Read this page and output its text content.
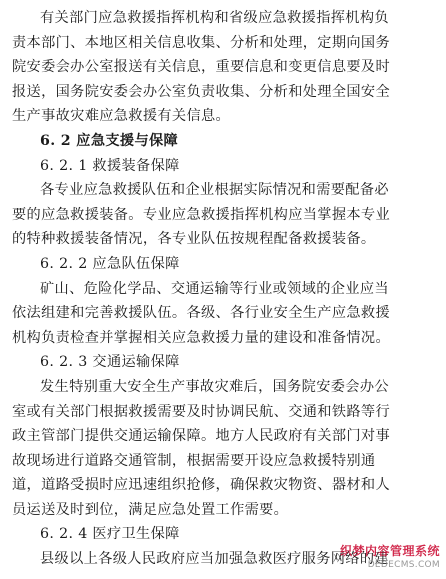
有关部门应急救援指挥机构和省级应急救援指挥机构负
责本部门、本地区相关信息收集、分析和处理，定期向国务
院安委会办公室报送有关信息，重要信息和变更信息要及时
报送，国务院安委会办公室负责收集、分析和处理全国安全
生产事故灾难应急救援有关信息。
6. 2 应急支援与保障
6. 2. 1 救援装备保障
各专业应急救援队伍和企业根据实际情况和需要配备必
要的应急救援装备。专业应急救援指挥机构应当掌握本专业
的特种救援装备情况，各专业队伍按规程配备救援装备。
6. 2. 2 应急队伍保障
矿山、危险化学品、交通运输等行业或领域的企业应当
依法组建和完善救援队伍。各级、各行业安全生产应急救援
机构负责检查并掌握相关应急救援力量的建设和准备情况。
6. 2. 3 交通运输保障
发生特别重大安全生产事故灾难后，国务院安委会办公
室或有关部门根据救援需要及时协调民航、交通和铁路等行
政主管部门提供交通运输保障。地方人民政府有关部门对事
故现场进行道路交通管制，根据需要开设应急救援特别通
道，道路受损时应迅速组织抢修，确保救灾物资、器材和人
员运送及时到位，满足应急处置工作需要。
6. 2. 4 医疗卫生保障
县级以上各级人民政府应当加强急救医疗服务网络的建
织梦内容管理系统
DEDECMS.COM
